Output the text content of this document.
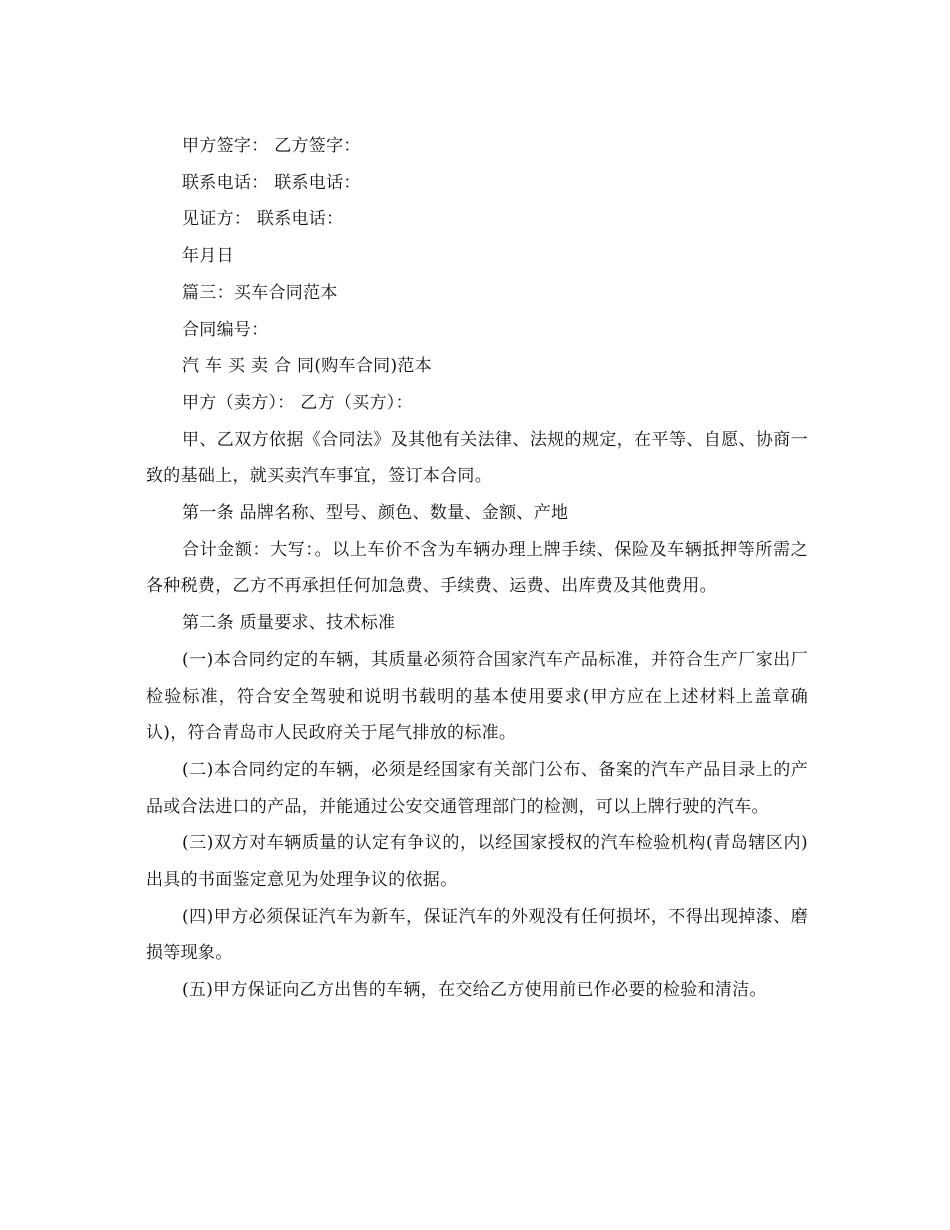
甲方签字： 乙方签字：

联系电话： 联系电话：

见证方： 联系电话：

年月日

篇三：买车合同范本

合同编号：

汽 车 买 卖 合 同(购车合同)范本

甲方（卖方）： 乙方（买方）：

甲、乙双方依据《合同法》及其他有关法律、法规的规定，在平等、自愿、协商一致的基础上，就买卖汽车事宜，签订本合同。

第一条 品牌名称、型号、颜色、数量、金额、产地

合计金额：大写：。以上车价不含为车辆办理上牌手续、保险及车辆抵押等所需之各种税费，乙方不再承担任何加急费、手续费、运费、出库费及其他费用。

第二条 质量要求、技术标准

(一)本合同约定的车辆，其质量必须符合国家汽车产品标准，并符合生产厂家出厂检验标准，符合安全驾驶和说明书载明的基本使用要求(甲方应在上述材料上盖章确认)，符合青岛市人民政府关于尾气排放的标准。

(二)本合同约定的车辆，必须是经国家有关部门公布、备案的汽车产品目录上的产品或合法进口的产品，并能通过公安交通管理部门的检测，可以上牌行驶的汽车。

(三)双方对车辆质量的认定有争议的，以经国家授权的汽车检验机构(青岛辖区内)出具的书面鉴定意见为处理争议的依据。

(四)甲方必须保证汽车为新车，保证汽车的外观没有任何损坏，不得出现掉漆、磨损等现象。

(五)甲方保证向乙方出售的车辆，在交给乙方使用前已作必要的检验和清洁。
